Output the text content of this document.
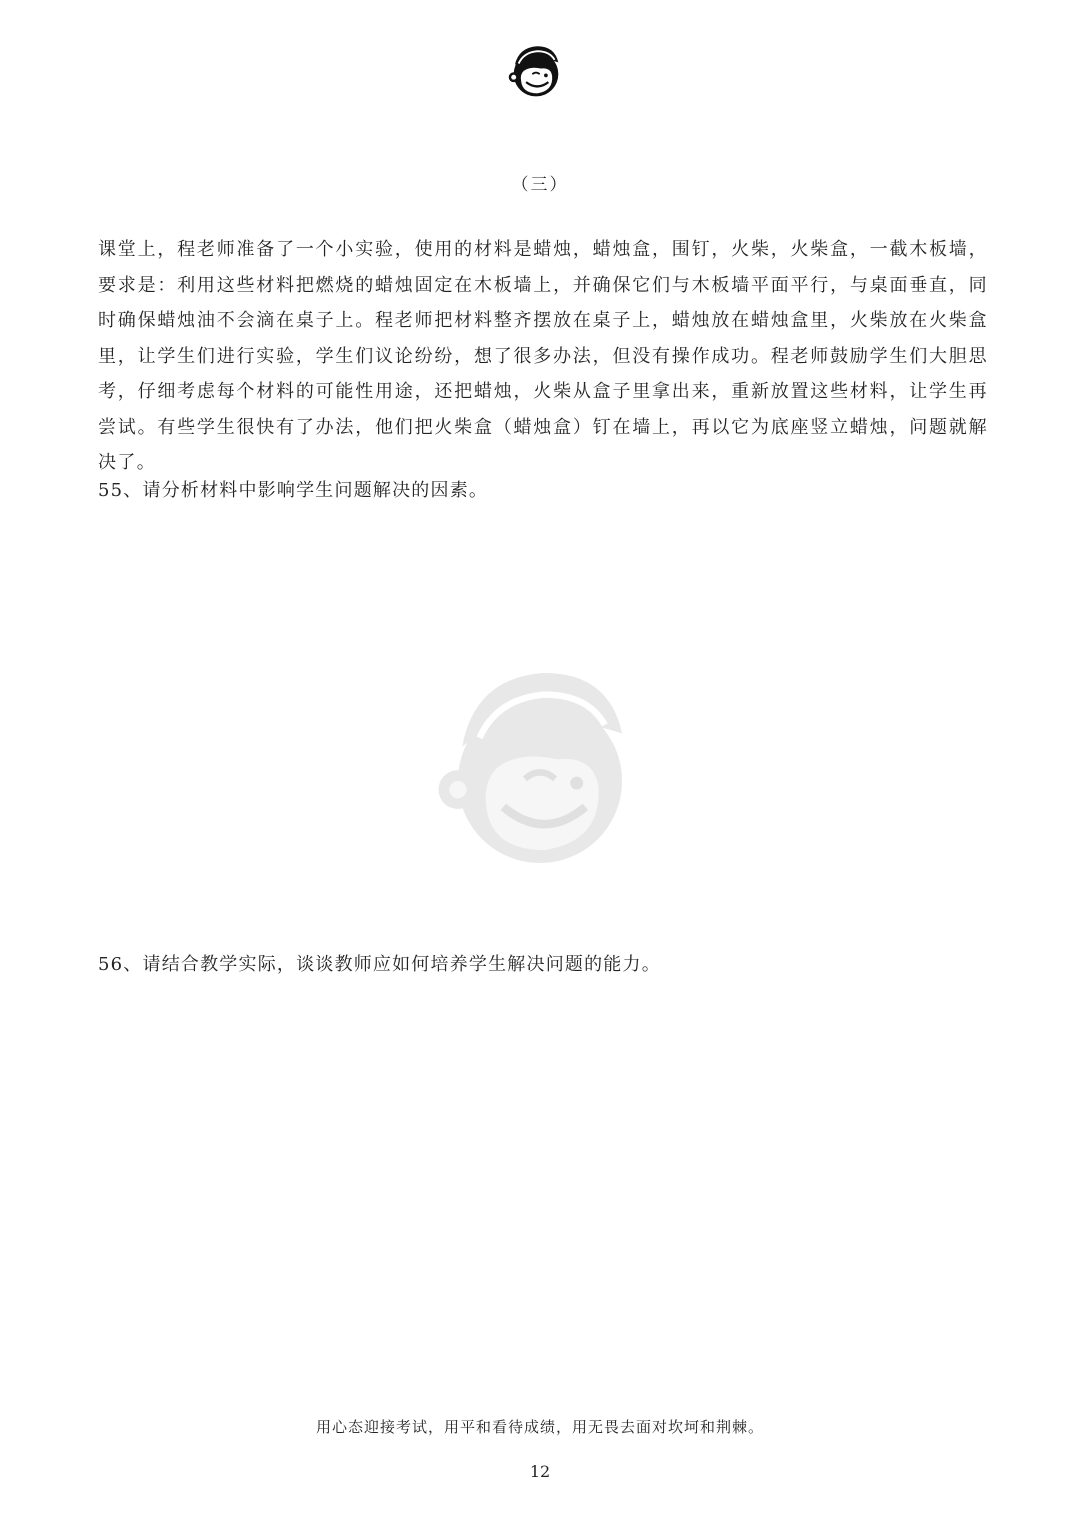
（三）

课堂上，程老师准备了一个小实验，使用的材料是蜡烛，蜡烛盒，围钉，火柴，火柴盒，一截木板墙，要求是：利用这些材料把燃烧的蜡烛固定在木板墙上，并确保它们与木板墙平面平行，与桌面垂直，同时确保蜡烛油不会滴在桌子上。程老师把材料整齐摆放在桌子上，蜡烛放在蜡烛盒里，火柴放在火柴盒里，让学生们进行实验，学生们议论纷纷，想了很多办法，但没有操作成功。程老师鼓励学生们大胆思考，仔细考虑每个材料的可能性用途，还把蜡烛，火柴从盒子里拿出来，重新放置这些材料，让学生再尝试。有些学生很快有了办法，他们把火柴盒（蜡烛盒）钉在墙上，再以它为底座竖立蜡烛，问题就解决了。

55、请分析材料中影响学生问题解决的因素。

56、请结合教学实际，谈谈教师应如何培养学生解决问题的能力。

用心态迎接考试，用平和看待成绩，用无畏去面对坎坷和荆棘。
12
